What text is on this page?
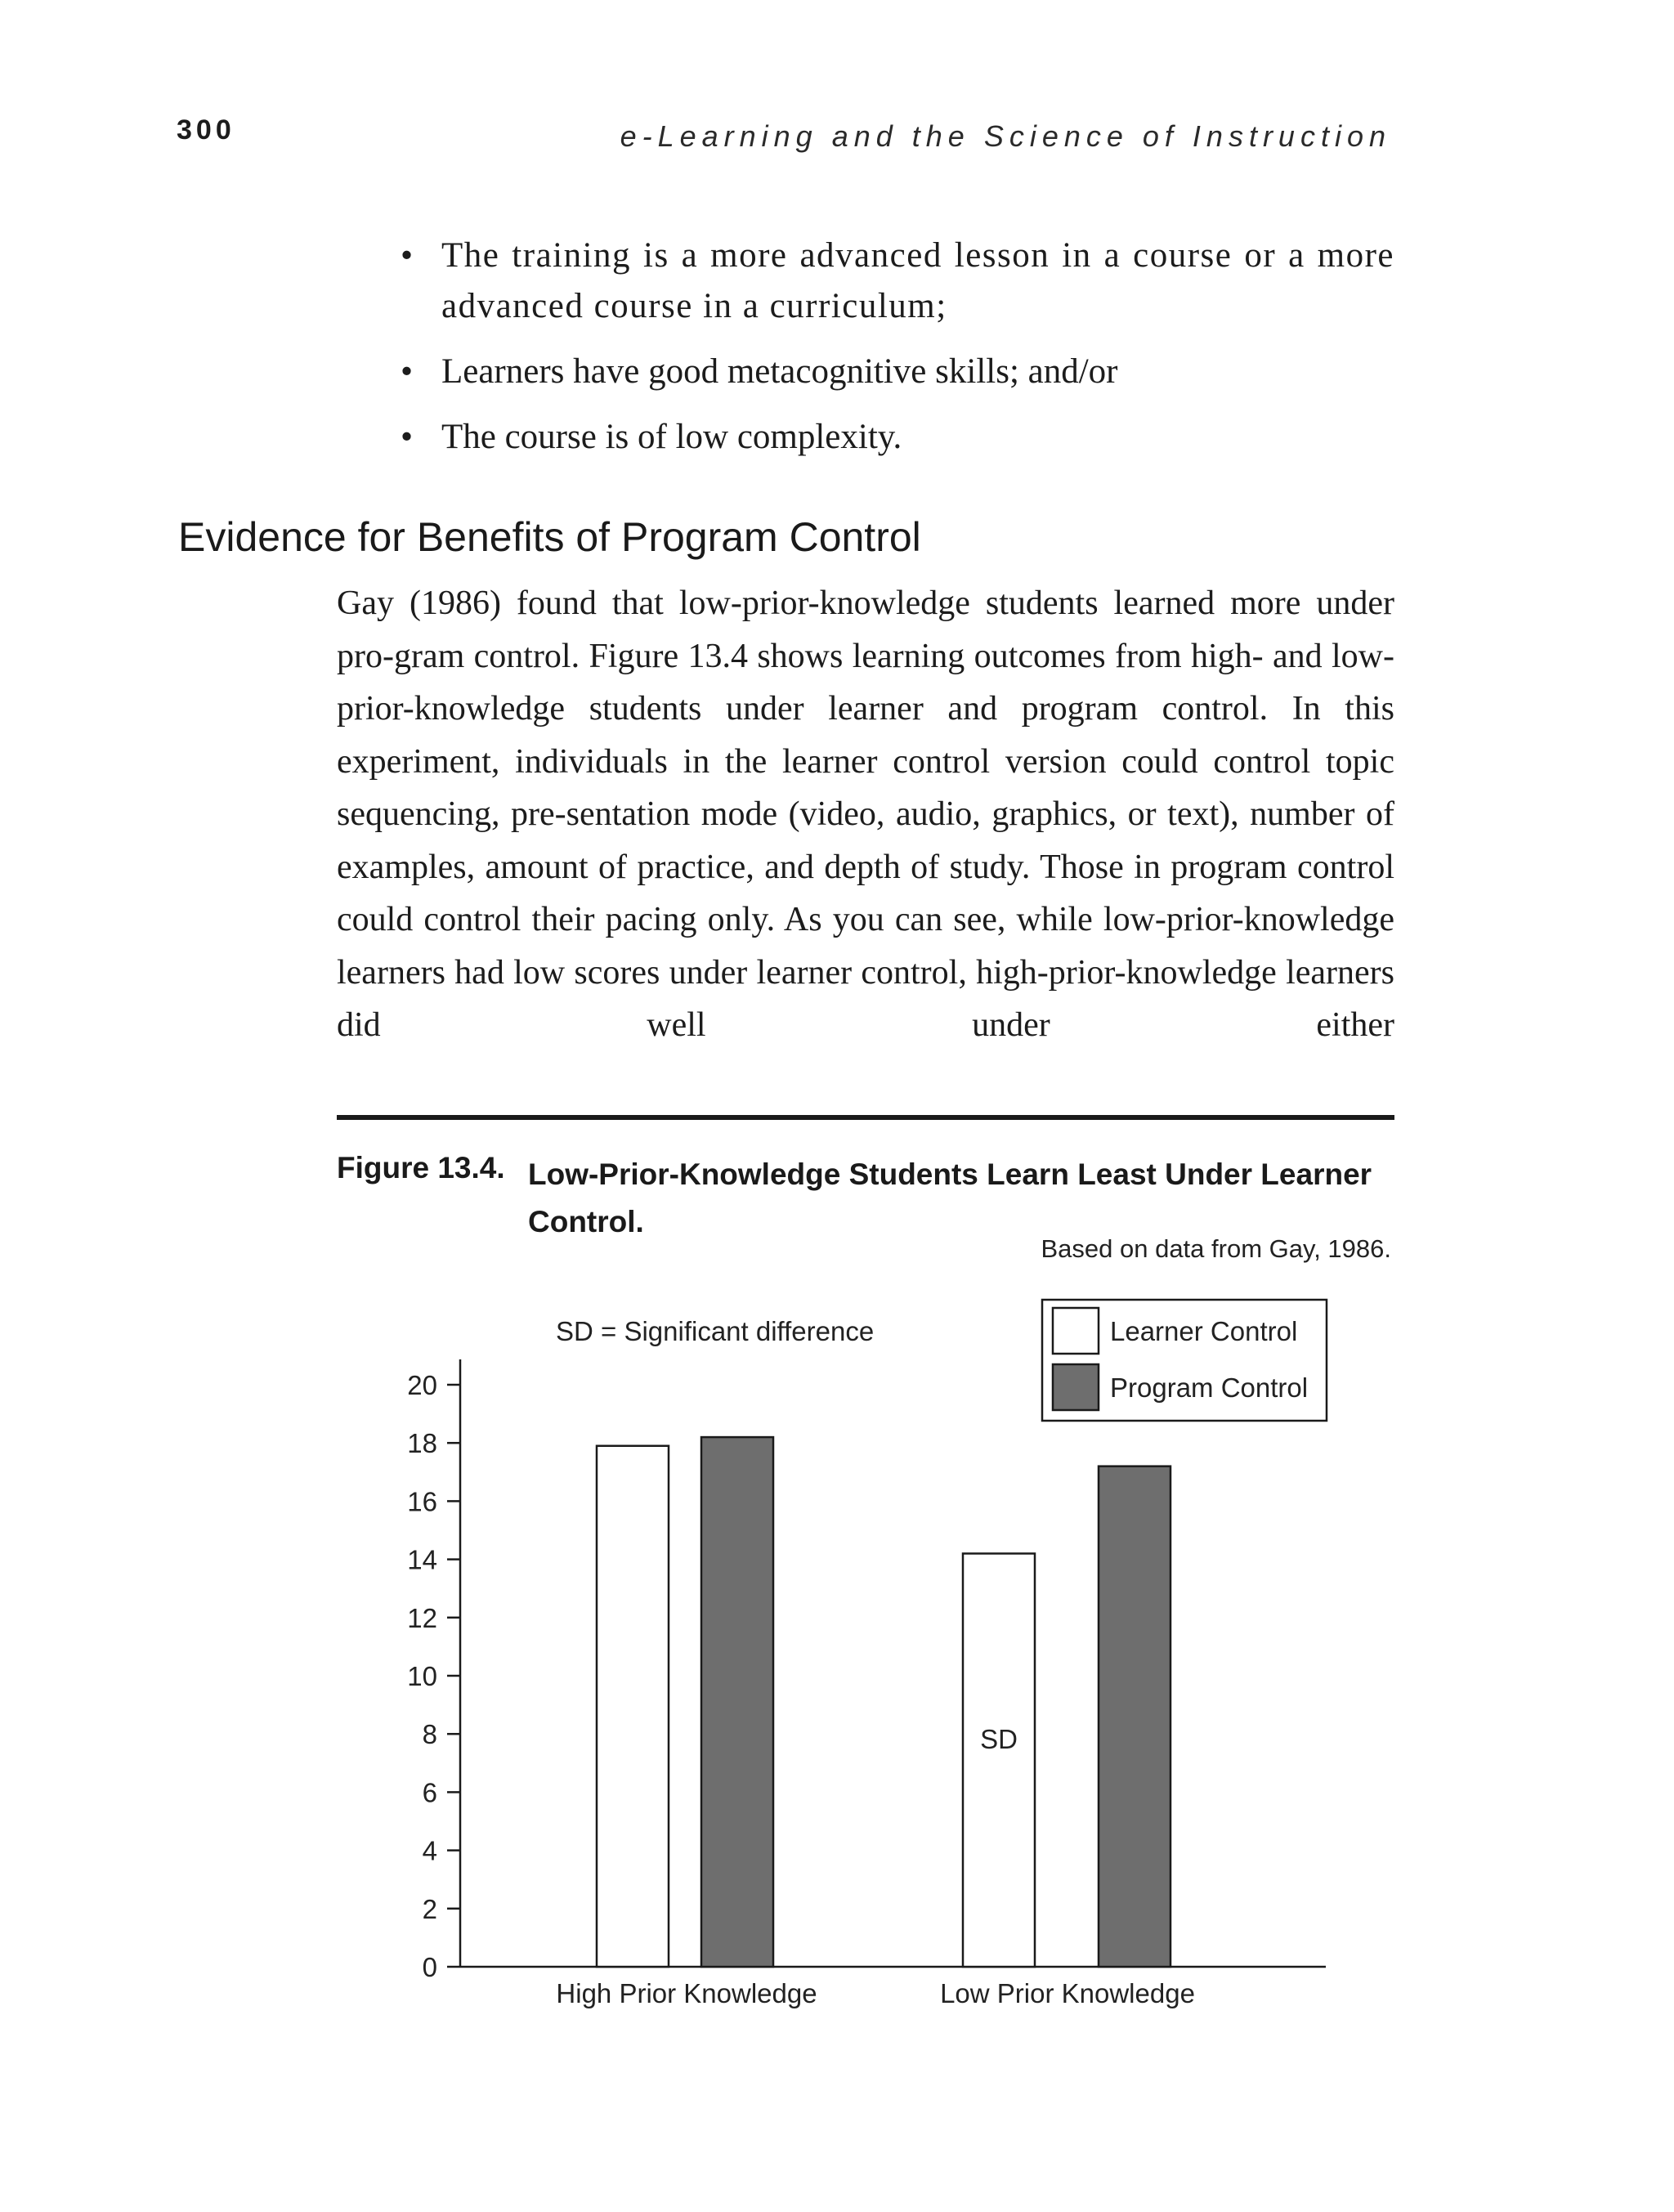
300	e-Learning and the Science of Instruction
• The training is a more advanced lesson in a course or a more advanced course in a curriculum;
• Learners have good metacognitive skills; and/or
• The course is of low complexity.
Evidence for Benefits of Program Control

Gay (1986) found that low-prior-knowledge students learned more under pro-gram control. Figure 13.4 shows learning outcomes from high- and low-prior-knowledge students under learner and program control. In this experiment, individuals in the learner control version could control topic sequencing, pre-sentation mode (video, audio, graphics, or text), number of examples, amount of practice, and depth of study. Those in program control could control their pacing only. As you can see, while low-prior-knowledge learners had low scores under learner control, high-prior-knowledge learners did well under either

Figure 13.4. Low-Prior-Knowledge Students Learn Least Under Learner Control.
Based on data from Gay, 1986.
SD = Significant difference	Learner Control
Program Control
0
2
4
6
8
10
12
14
16
18
20
SD
High Prior Knowledge	Low Prior Knowledge
